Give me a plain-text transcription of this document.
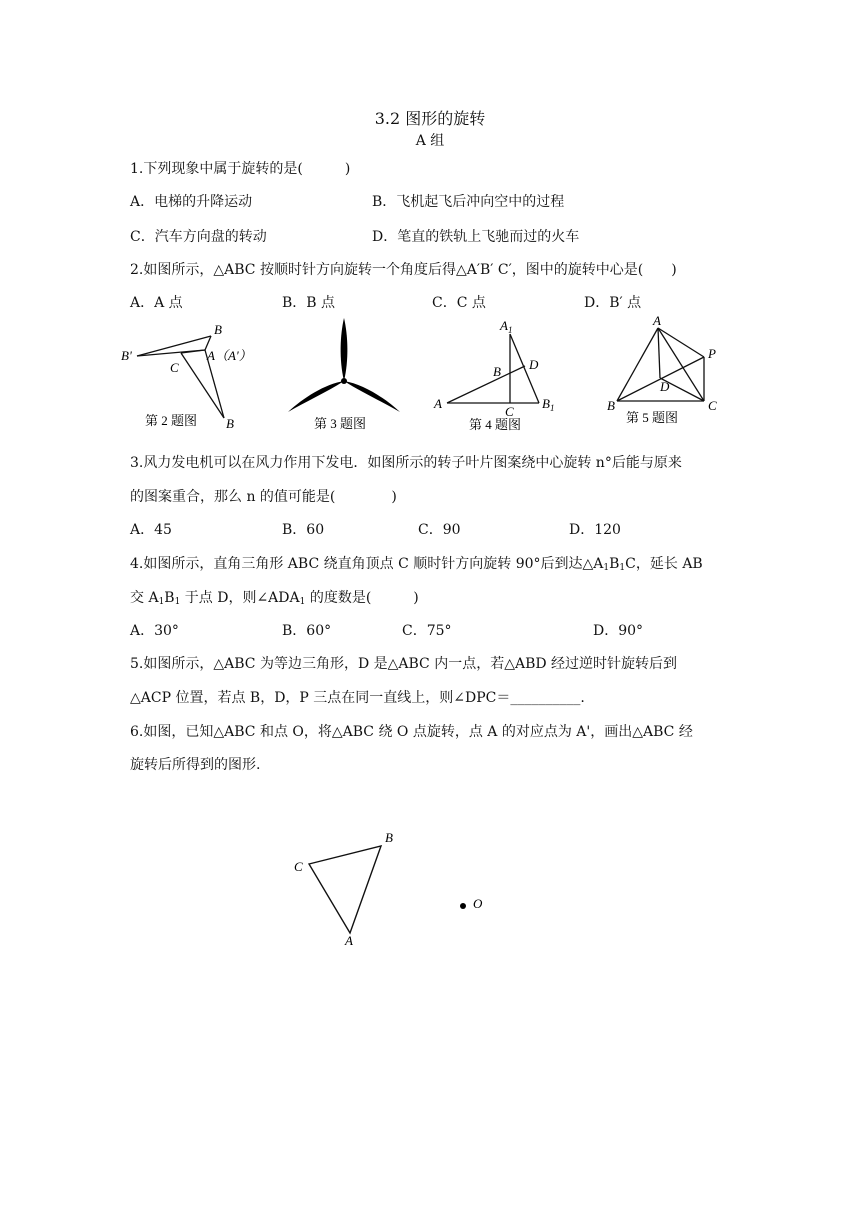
3.2 图形的旋转
A 组
1.下列现象中属于旋转的是(　　　)
A．电梯的升降运动	B．飞机起飞后冲向空中的过程
C．汽车方向盘的转动	D．笔直的铁轨上飞驰而过的火车
2.如图所示，△ABC 按顺时针方向旋转一个角度后得△A′B′ C′，图中的旋转中心是(　　)
A．A 点	B．B 点	C．C 点	D．B′ 点
B
B'	A（A'）
C
B
第 2 题图	第 3 题图
$A_1$
D
B
A
C
$B_1$
第 4 题图
A
P
D
B	C
第 5 题图
3.风力发电机可以在风力作用下发电．如图所示的转子叶片图案绕中心旋转 n°后能与原来
的图案重合，那么 n 的值可能是(　　　　)
A．45	B．60	C．90	D．120
4.如图所示，直角三角形 ABC 绕直角顶点 C 顺时针方向旋转 90°后到达$\triangle A_1B_1C$，延长 AB
交 $A_1B_1$ 于点 D，则$\angle ADA_1$ 的度数是(　　　)
A．30°	B．60°	C．75°	D．90°
5.如图所示，△ABC 为等边三角形，D 是△ABC 内一点，若△ABD 经过逆时针旋转后到
△ACP 位置，若点 B，D，P 三点在同一直线上，则∠DPC＝__________.
6.如图，已知△ABC 和点 O，将△ABC 绕 O 点旋转，点 A 的对应点为 A'，画出△ABC 经
旋转后所得到的图形.
B
C
A
O
